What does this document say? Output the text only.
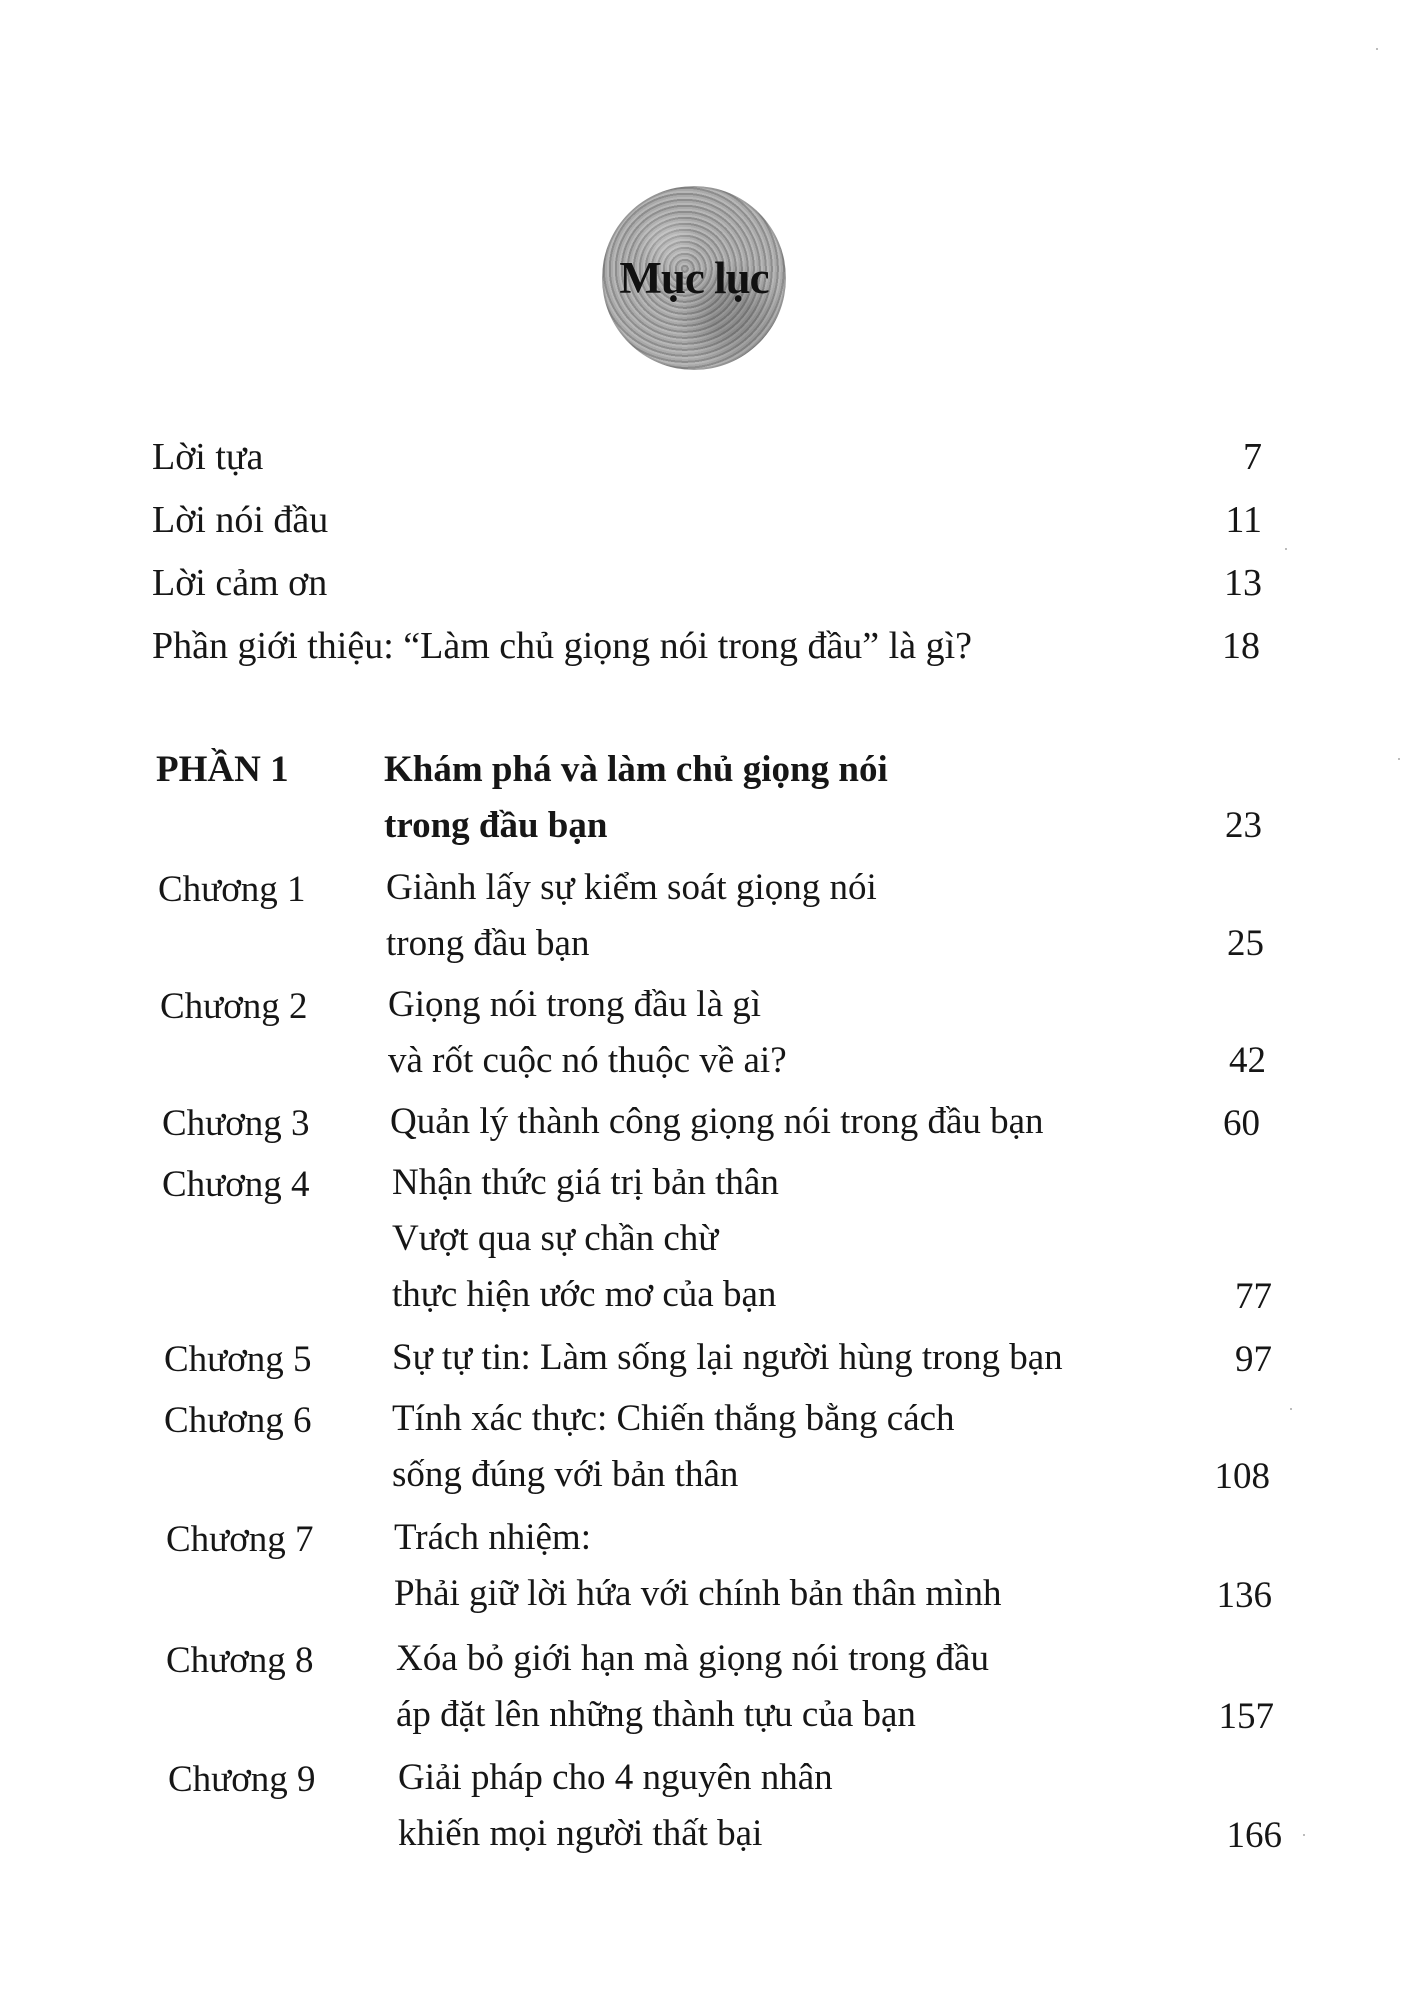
Mục lục
Lời tựa	7
Lời nói đầu	11
Lời cảm ơn	13
Phần giới thiệu: “Làm chủ giọng nói trong đầu” là gì?	18
PHẦN 1	Khám phá và làm chủ giọng nói
trong đầu bạn	23
Chương 1 Giành lấy sự kiểm soát giọng nói
trong đầu bạn	25
Chương 2 Giọng nói trong đầu là gì
và rốt cuộc nó thuộc về ai?	42
Chương 3 Quản lý thành công giọng nói trong đầu bạn	60
Chương 4 Nhận thức giá trị bản thân
Vượt qua sự chần chừ
thực hiện ước mơ của bạn	77
Chương 5 Sự tự tin: Làm sống lại người hùng trong bạn	97
Chương 6 Tính xác thực: Chiến thắng bằng cách
sống đúng với bản thân	108
Chương 7 Trách nhiệm:
Phải giữ lời hứa với chính bản thân mình	136
Chương 8 Xóa bỏ giới hạn mà giọng nói trong đầu
áp đặt lên những thành tựu của bạn	157
Chương 9 Giải pháp cho 4 nguyên nhân
khiến mọi người thất bại	166
